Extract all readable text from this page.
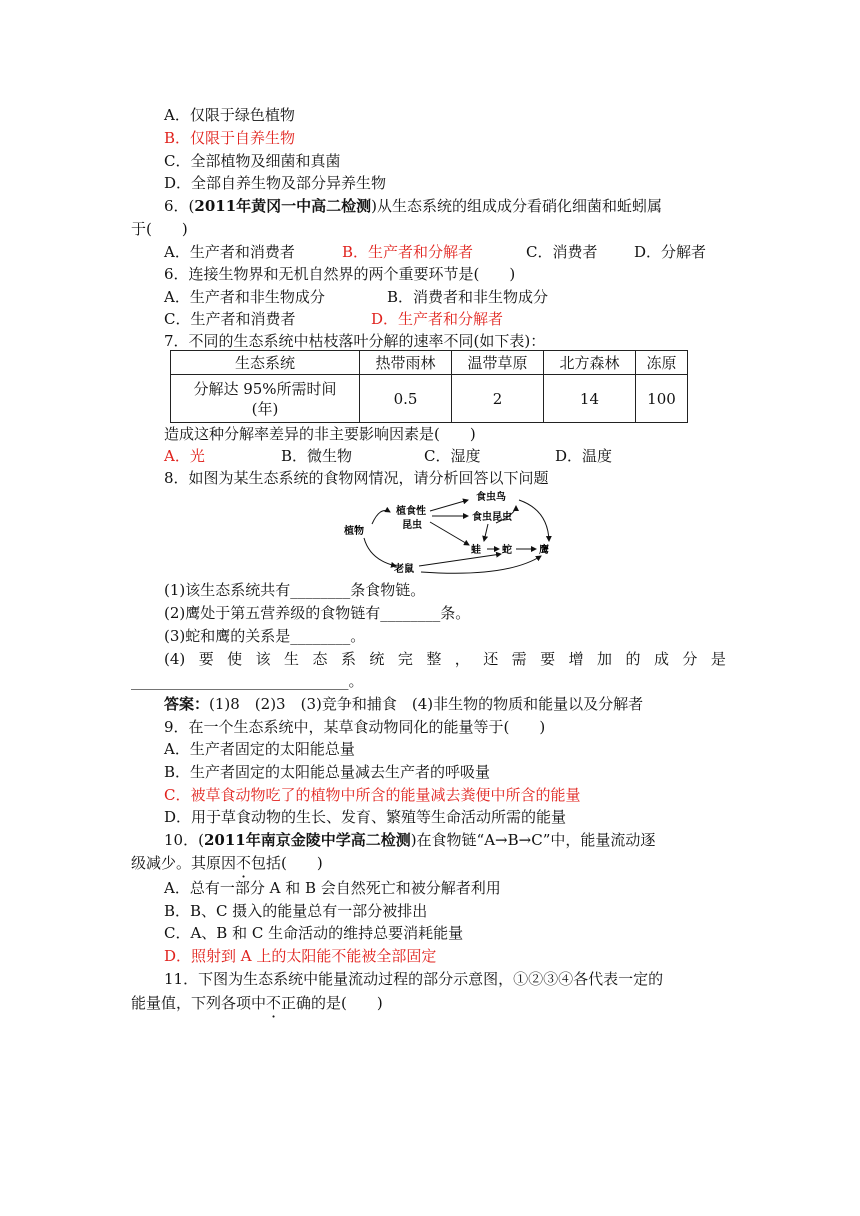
A．仅限于绿色植物
B．仅限于自养生物
C．全部植物及细菌和真菌
D．全部自养生物及部分异养生物
6．(2011年黄冈一中高二检测)从生态系统的组成成分看硝化细菌和蚯蚓属
于(　　)
A．生产者和消费者	B．生产者和分解者	C．消费者 D．分解者
6．连接生物界和无机自然界的两个重要环节是(　　)
A．生产者和非生物成分	B．消费者和非生物成分
C．生产者和消费者	D．生产者和分解者
7．不同的生态系统中枯枝落叶分解的速率不同(如下表)：
生态系统	热带雨林	温带草原	北方森林	冻原

分解达 95%所需时间
(年)	0.5	2	14	100
造成这种分解率差异的非主要影响因素是(　　)
A．光	B．微生物	C．湿度	D．温度
8．如图为某生态系统的食物网情况，请分析回答以下问题
植物
植食性
昆虫
食虫鸟
食虫昆虫
蛙 蛇	鹰
老鼠
(1)该生态系统共有________条食物链。
(2)鹰处于第五营养级的食物链有________条。
(3)蛇和鹰的关系是________。
(4) 要 使 该 生 态 系 统 完 整 ， 还 需 要 增 加 的 成 分 是
_____________________________。
答案：(1)8　(2)3　(3)竞争和捕食　(4)非生物的物质和能量以及分解者
9．在一个生态系统中，某草食动物同化的能量等于(　　)
A．生产者固定的太阳能总量
B．生产者固定的太阳能总量减去生产者的呼吸量
C．被草食动物吃了的植物中所含的能量减去粪便中所含的能量
D．用于草食动物的生长、发育、繁殖等生命活动所需的能量
10．(2011年南京金陵中学高二检测)在食物链“A→B→C”中，能量流动逐
级减少。其原因不包括(　　)
A．总有一部分 A 和 B 会自然死亡和被分解者利用
B．B、C 摄入的能量总有一部分被排出
C．A、B 和 C 生命活动的维持总要消耗能量
D．照射到 A 上的太阳能不能被全部固定
11．下图为生态系统中能量流动过程的部分示意图，①②③④各代表一定的
能量值，下列各项中不正确的是(　　)
